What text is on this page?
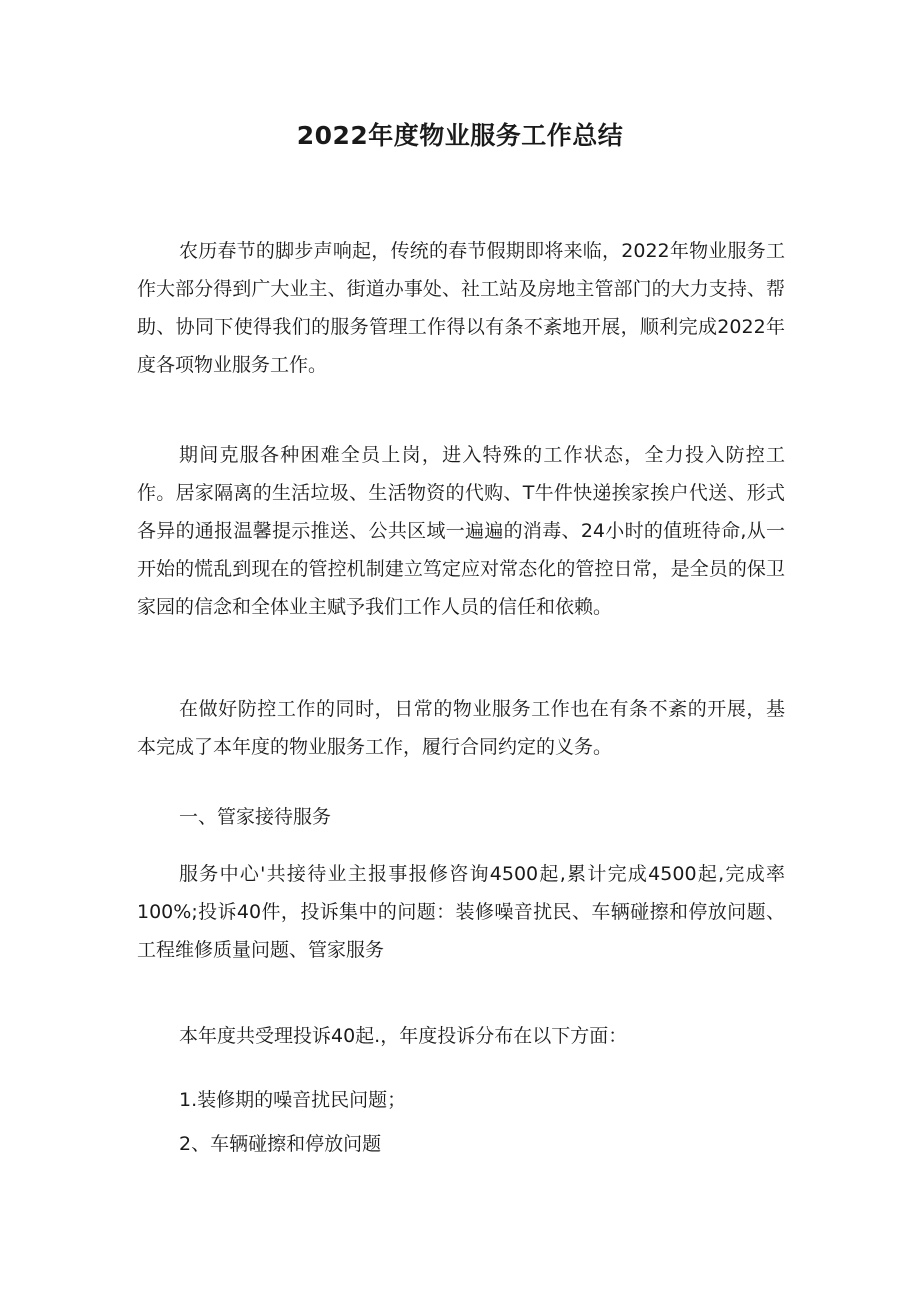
2022年度物业服务工作总结

农历春节的脚步声响起，传统的春节假期即将来临，2022年物业服务工作大部分得到广大业主、街道办事处、社工站及房地主管部门的大力支持、帮助、协同下使得我们的服务管理工作得以有条不紊地开展，顺利完成2022年度各项物业服务工作。

期间克服各种困难全员上岗，进入特殊的工作状态，全力投入防控工作。居家隔离的生活垃圾、生活物资的代购、T牛件快递挨家挨户代送、形式各异的通报温馨提示推送、公共区域一遍遍的消毒、24小时的值班待命,从一开始的慌乱到现在的管控机制建立笃定应对常态化的管控日常，是全员的保卫家园的信念和全体业主赋予我们工作人员的信任和依赖。

在做好防控工作的同时，日常的物业服务工作也在有条不紊的开展，基本完成了本年度的物业服务工作，履行合同约定的义务。

一、管家接待服务

服务中心'共接待业主报事报修咨询4500起,累计完成4500起,完成率100%;投诉40件，投诉集中的问题：装修噪音扰民、车辆碰擦和停放问题、工程维修质量问题、管家服务

本年度共受理投诉40起.，年度投诉分布在以下方面：

1.装修期的噪音扰民问题；

2、车辆碰擦和停放问题
